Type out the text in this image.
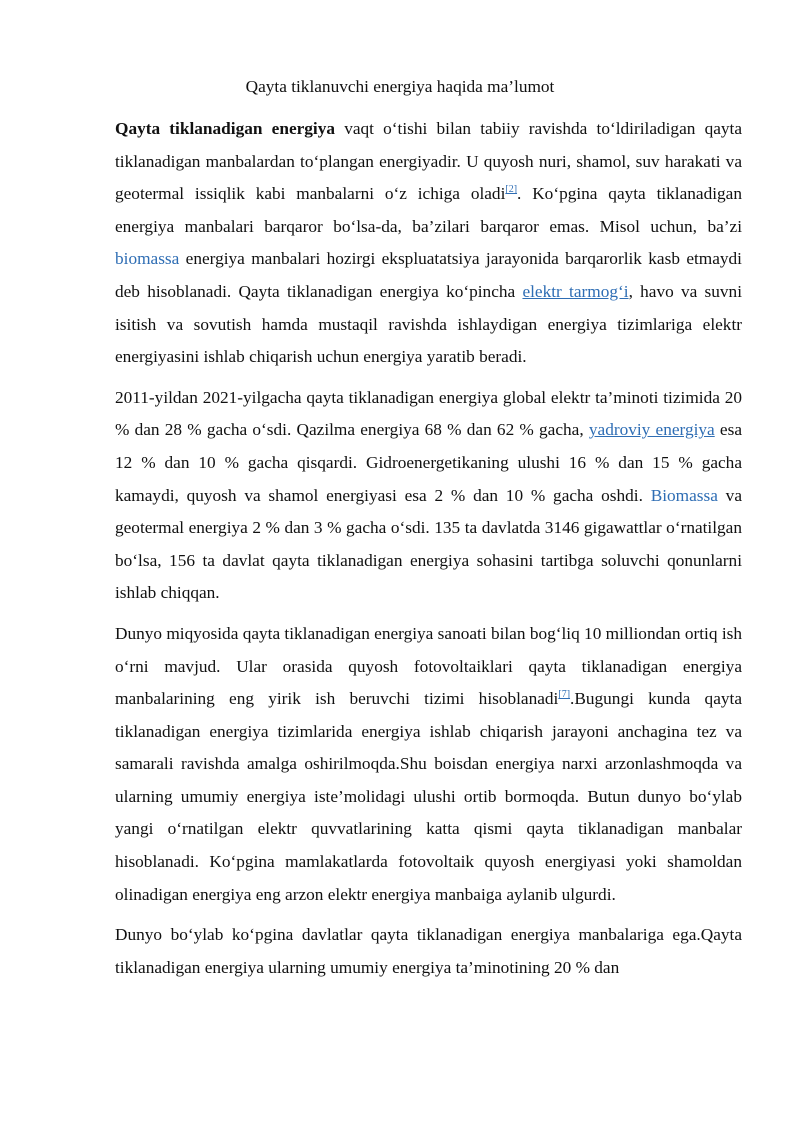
Qayta tiklanuvchi energiya haqida ma’lumot

Qayta tiklanadigan energiya vaqt o‘tishi bilan tabiiy ravishda to‘ldiriladigan qayta tiklanadigan manbalardan to‘plangan energiyadir. U quyosh nuri, shamol, suv harakati va geotermal issiqlik kabi manbalarni o‘z ichiga oladi[2]. Ko‘pgina qayta tiklanadigan energiya manbalari barqaror bo‘lsa-da, ba’zilari barqaror emas. Misol uchun, ba’zi biomassa energiya manbalari hozirgi ekspluatatsiya jarayonida barqarorlik kasb etmaydi deb hisoblanadi. Qayta tiklanadigan energiya ko‘pincha elektr tarmog‘i, havo va suvni isitish va sovutish hamda mustaqil ravishda ishlaydigan energiya tizimlariga elektr energiyasini ishlab chiqarish uchun energiya yaratib beradi.

2011-yildan 2021-yilgacha qayta tiklanadigan energiya global elektr ta’minoti tizimida 20 % dan 28 % gacha o‘sdi. Qazilma energiya 68 % dan 62 % gacha, yadroviy energiya esa 12 % dan 10 % gacha qisqardi. Gidroenergetikaning ulushi 16 % dan 15 % gacha kamaydi, quyosh va shamol energiyasi esa 2 % dan 10 % gacha oshdi. Biomassa va geotermal energiya 2 % dan 3 % gacha o‘sdi. 135 ta davlatda 3146 gigawattlar o‘rnatilgan bo‘lsa, 156 ta davlat qayta tiklanadigan energiya sohasini tartibga soluvchi qonunlarni ishlab chiqqan.

Dunyo miqyosida qayta tiklanadigan energiya sanoati bilan bog‘liq 10 milliondan ortiq ish o‘rni mavjud. Ular orasida quyosh fotovoltaiklari qayta tiklanadigan energiya manbalarining eng yirik ish beruvchi tizimi hisoblanadi[7].Bugungi kunda qayta tiklanadigan energiya tizimlarida energiya ishlab chiqarish jarayoni anchagina tez va samarali ravishda amalga oshirilmoqda.Shu boisdan energiya narxi arzonlashmoqda va ularning umumiy energiya iste’molidagi ulushi ortib bormoqda. Butun dunyo bo‘ylab yangi o‘rnatilgan elektr quvvatlarining katta qismi qayta tiklanadigan manbalar hisoblanadi. Ko‘pgina mamlakatlarda fotovoltaik quyosh energiyasi yoki shamoldan olinadigan energiya eng arzon elektr energiya manbaiga aylanib ulgurdi.

Dunyo bo‘ylab ko‘pgina davlatlar qayta tiklanadigan energiya manbalariga ega.Qayta tiklanadigan energiya ularning umumiy energiya ta’minotining 20 % dan
